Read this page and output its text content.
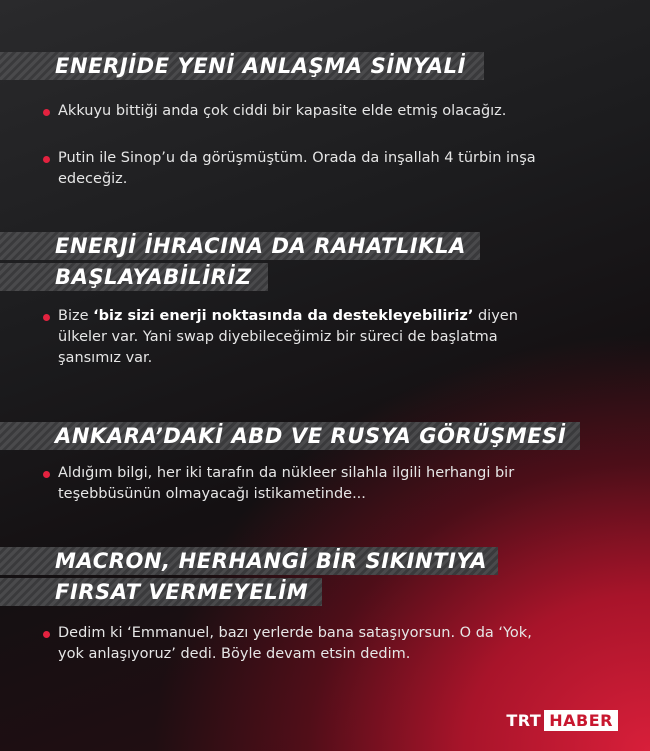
ENERJİDE YENİ ANLAŞMA SİNYALİ
Akkuyu bittiği anda çok ciddi bir kapasite elde etmiş olacağız.
Putin ile Sinop’u da görüşmüştüm. Orada da inşallah 4 türbin inşa edeceğiz.
ENERJİ İHRACINA DA RAHATLIKLA
BAŞLAYABİLİRİZ
Bize ‘biz sizi enerji noktasında da destekleyebiliriz’ diyen ülkeler var. Yani swap diyebileceğimiz bir süreci de başlatma şansımız var.
ANKARA’DAKİ ABD VE RUSYA GÖRÜŞMESİ
Aldığım bilgi, her iki tarafın da nükleer silahla ilgili herhangi bir teşebbüsünün olmayacağı istikametinde...
MACRON, HERHANGİ BİR SIKINTIYA
FIRSAT VERMEYELİM
Dedim ki ‘Emmanuel, bazı yerlerde bana sataşıyorsun. O da ‘Yok, yok anlaşıyoruz’ dedi. Böyle devam etsin dedim.
TRT HABER
